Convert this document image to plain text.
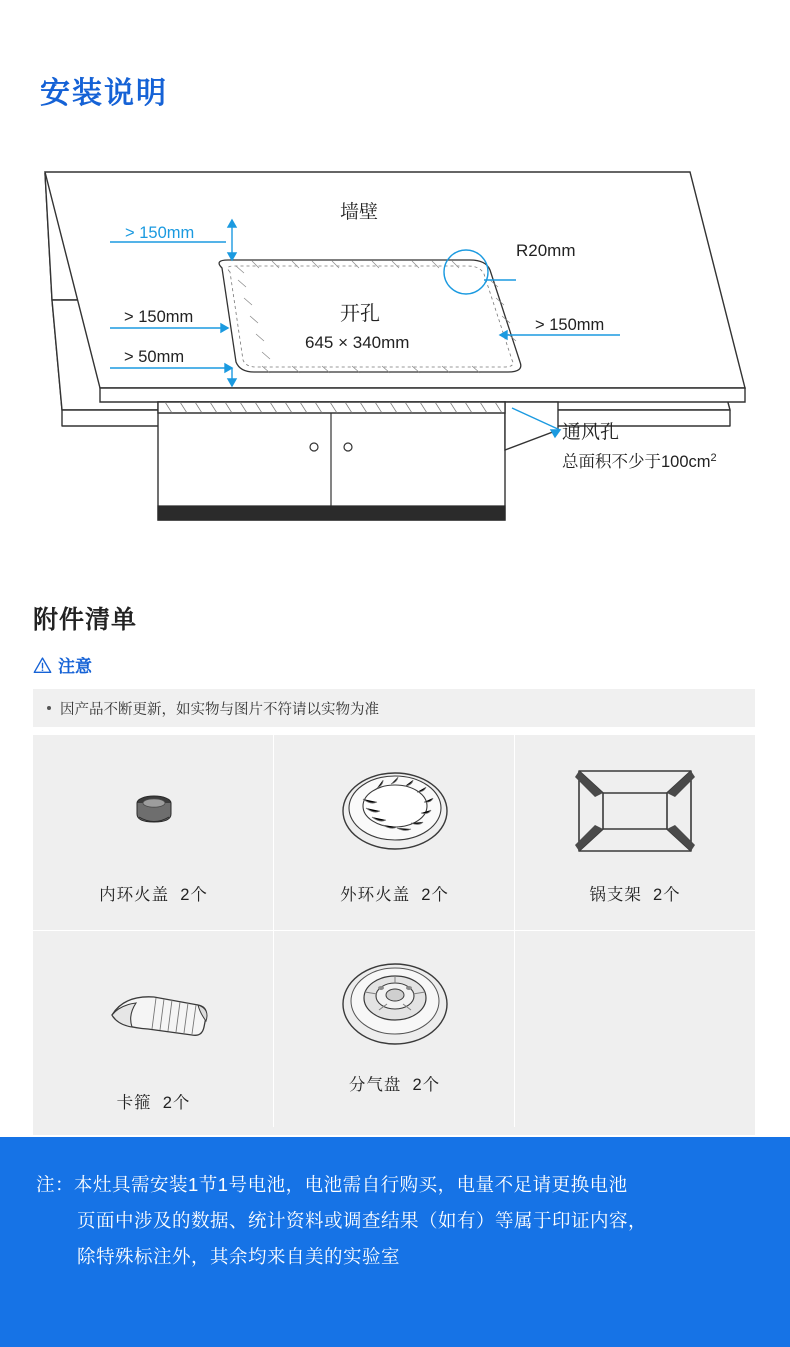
安装说明
墙壁
> 150mm
> 150mm	> 150mm
> 50mm
R20mm
开孔
645 × 340mm
通风孔
总面积不少于$100cm^2$
附件清单
注意
因产品不断更新，如实物与图片不符请以实物为准
内环火盖 2个	外环火盖 2个	锅支架 2个
卡箍 2个
分气盘 2个
注：本灶具需安装1节1号电池，电池需自行购买，电量不足请更换电池
页面中涉及的数据、统计资料或调查结果（如有）等属于印证内容，
除特殊标注外，其余均来自美的实验室
